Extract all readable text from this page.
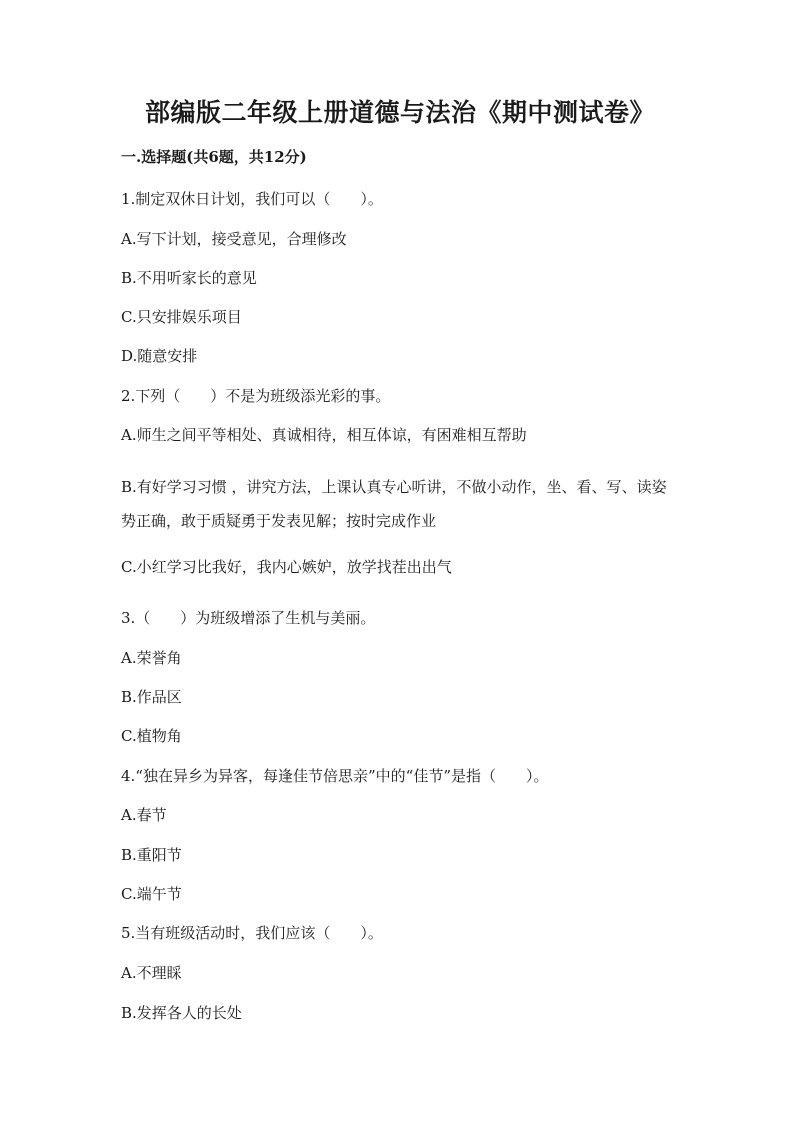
部编版二年级上册道德与法治《期中测试卷》
一.选择题(共6题，共12分)
1.制定双休日计划，我们可以（　　）。
A.写下计划，接受意见，合理修改
B.不用听家长的意见
C.只安排娱乐项目
D.随意安排
2.下列（　　）不是为班级添光彩的事。
A.师生之间平等相处、真诚相待，相互体谅，有困难相互帮助
B.有好学习习惯 ，讲究方法，上课认真专心听讲，不做小动作，坐、看、写、读姿势正确，敢于质疑勇于发表见解；按时完成作业
C.小红学习比我好，我内心嫉妒，放学找茬出出气
3.（　　）为班级增添了生机与美丽。
A.荣誉角
B.作品区
C.植物角
4.“独在异乡为异客，每逢佳节倍思亲”中的“佳节”是指（　　）。
A.春节
B.重阳节
C.端午节
5.当有班级活动时，我们应该（　　）。
A.不理睬
B.发挥各人的长处
